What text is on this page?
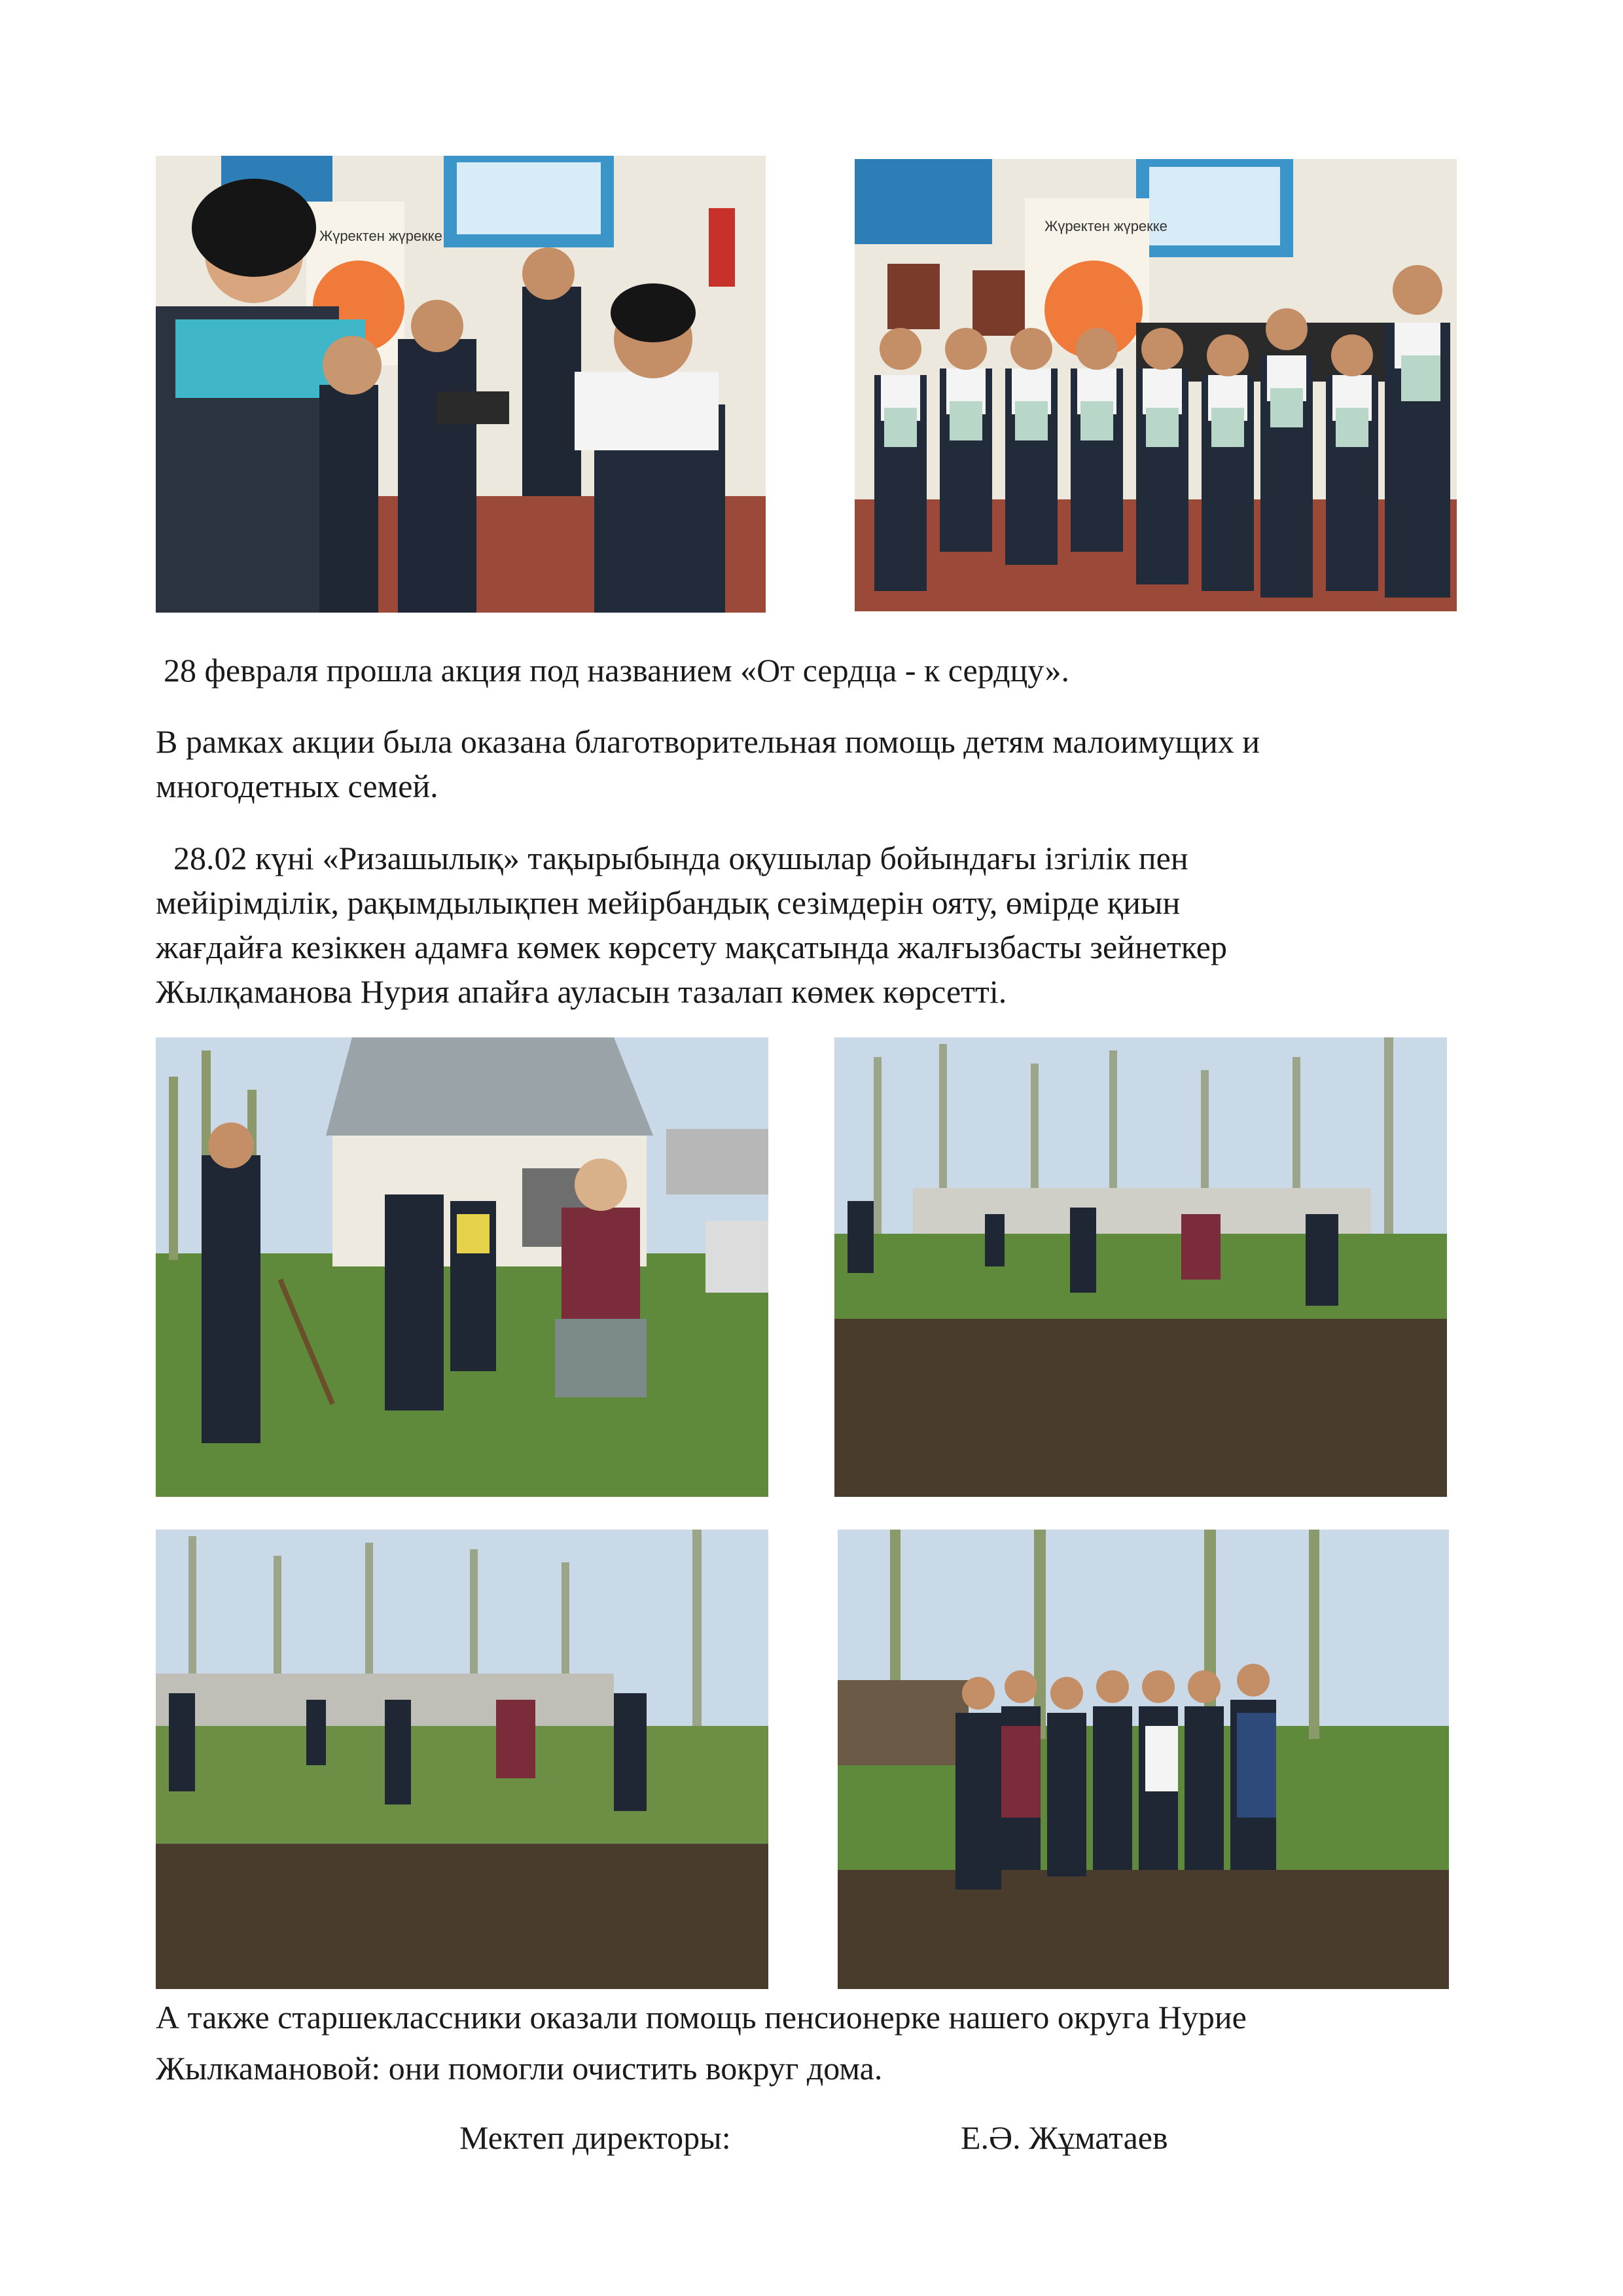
Жүректен жүрекке
Жүректен жүрекке
28 февраля прошла акция под названием «От сердца - к сердцу».
В рамках акции была оказана благотворительная помощь детям малоимущих и
многодетных семей.
28.02 күні «Ризашылық» тақырыбында оқушылар бойындағы ізгілік пен
мейірімділік, рақымдылықпен мейірбандық сезімдерін ояту, өмірде қиын
жағдайға кезіккен адамға көмек көрсету мақсатында жалғызбасты зейнеткер
Жылқаманова Нурия апайға ауласын тазалап көмек көрсетті.
А также старшеклассники оказали помощь пенсионерке нашего округа Нурие
Жылкамановой: они помогли очистить вокруг дома.
Мектеп директоры:	Е.Ә. Жұматаев
